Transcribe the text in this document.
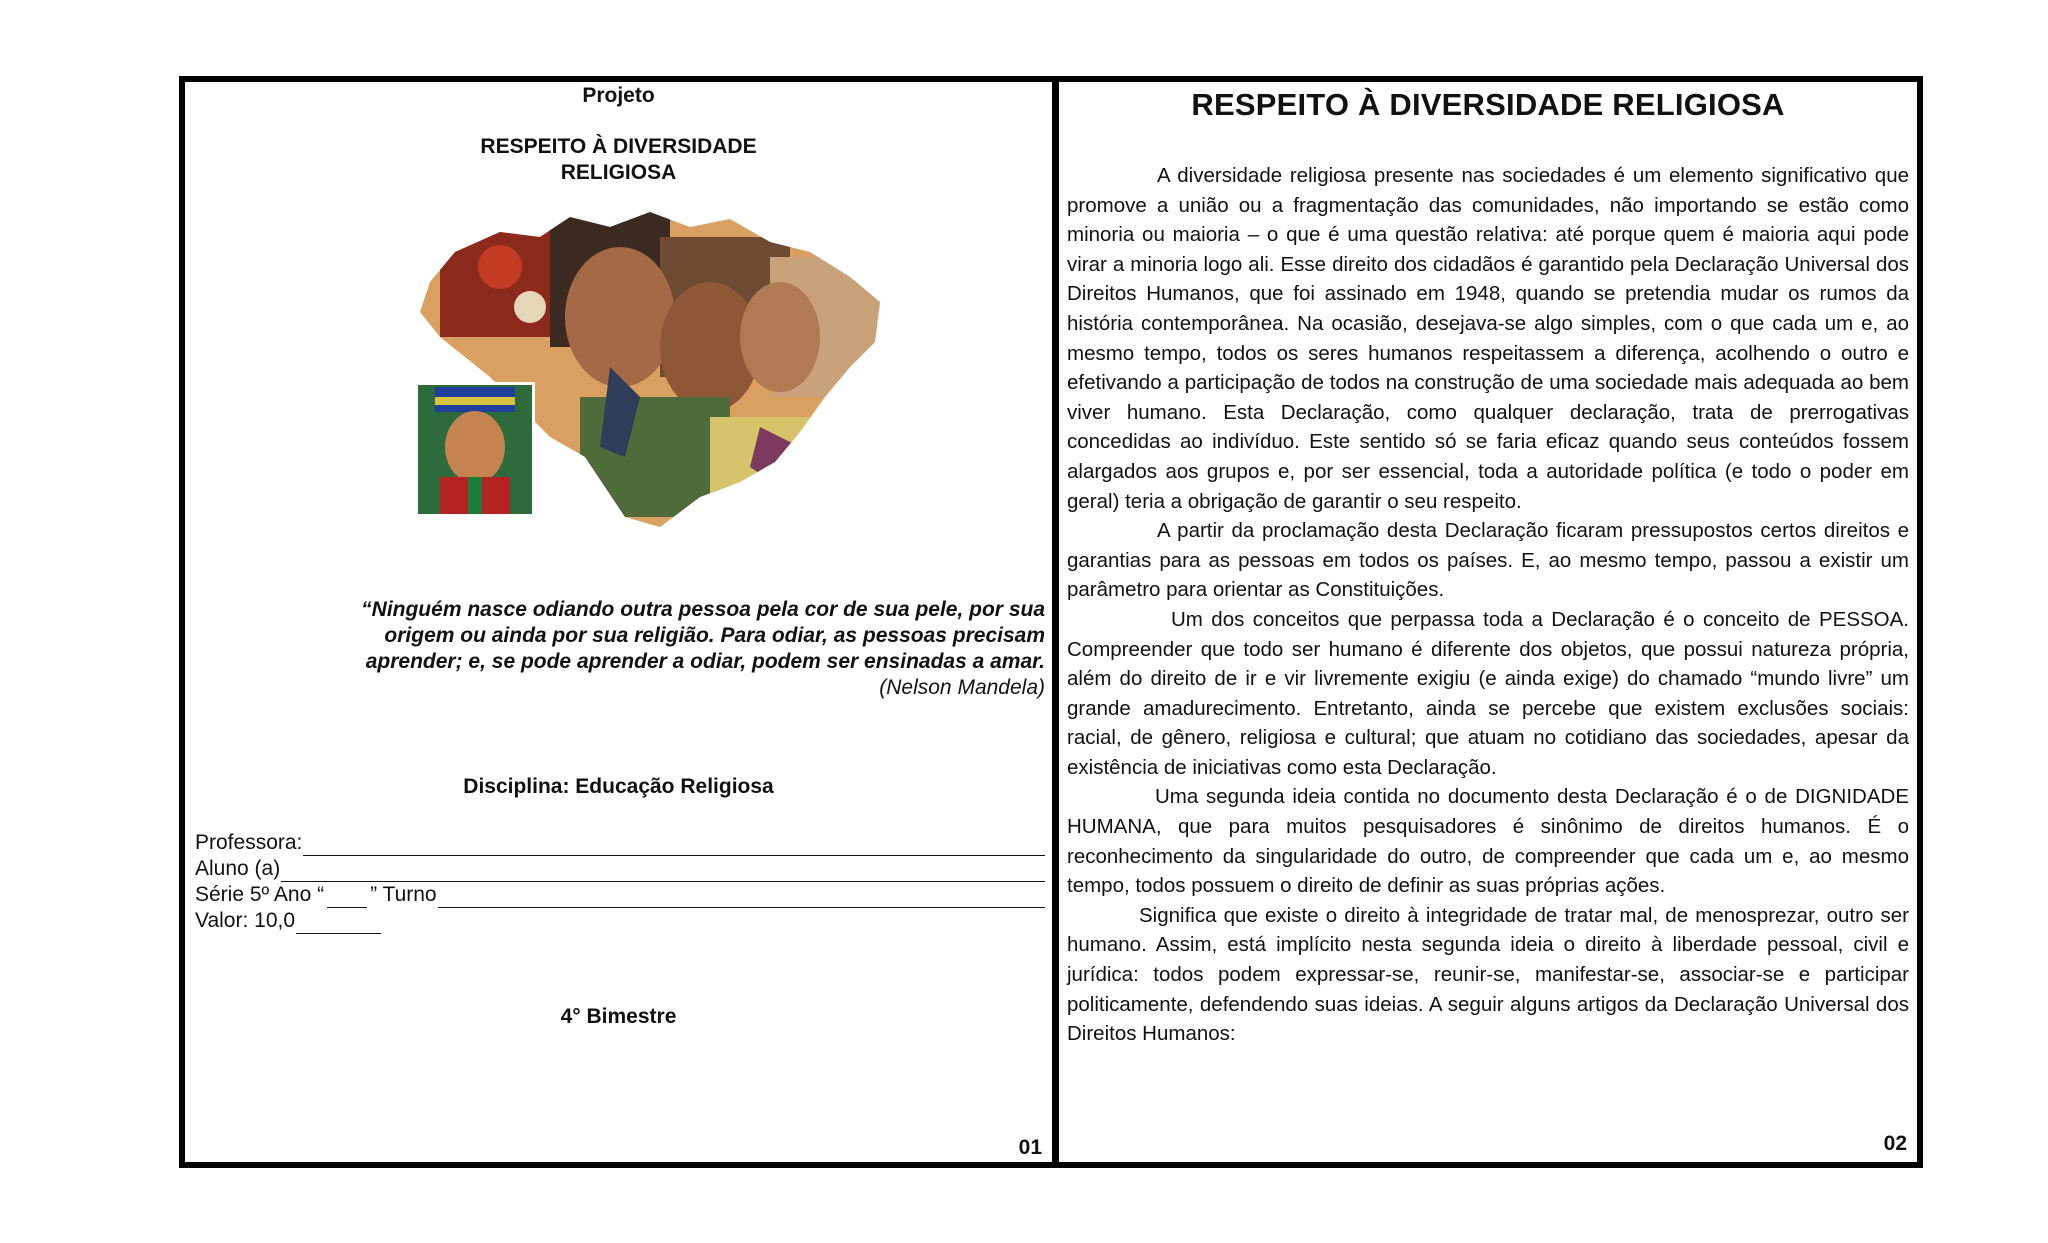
Projeto
RESPEITO À DIVERSIDADE
RELIGIOSA
“Ninguém nasce odiando outra pessoa pela cor de sua pele, por sua origem ou ainda por sua religião. Para odiar, as pessoas precisam aprender; e, se pode aprender a odiar, podem ser ensinadas a amar.
(Nelson Mandela)
Disciplina: Educação Religiosa
Professora:
Aluno (a)
Série 5º Ano “ ” Turno
Valor: 10,0
4° Bimestre
01
RESPEITO À DIVERSIDADE RELIGIOSA

A diversidade religiosa presente nas sociedades é um elemento significativo que promove a união ou a fragmentação das comunidades, não importando se estão como minoria ou maioria – o que é uma questão relativa: até porque quem é maioria aqui pode virar a minoria logo ali. Esse direito dos cidadãos é garantido pela Declaração Universal dos Direitos Humanos, que foi assinado em 1948, quando se pretendia mudar os rumos da história contemporânea. Na ocasião, desejava-se algo simples, com o que cada um e, ao mesmo tempo, todos os seres humanos respeitassem a diferença, acolhendo o outro e efetivando a participação de todos na construção de uma sociedade mais adequada ao bem viver humano. Esta Declaração, como qualquer declaração, trata de prerrogativas concedidas ao indivíduo. Este sentido só se faria eficaz quando seus conteúdos fossem alargados aos grupos e, por ser essencial, toda a autoridade política (e todo o poder em geral) teria a obrigação de garantir o seu respeito.

A partir da proclamação desta Declaração ficaram pressupostos certos direitos e garantias para as pessoas em todos os países. E, ao mesmo tempo, passou a existir um parâmetro para orientar as Constituições.

Um dos conceitos que perpassa toda a Declaração é o conceito de PESSOA. Compreender que todo ser humano é diferente dos objetos, que possui natureza própria, além do direito de ir e vir livremente exigiu (e ainda exige) do chamado “mundo livre” um grande amadurecimento. Entretanto, ainda se percebe que existem exclusões sociais: racial, de gênero, religiosa e cultural; que atuam no cotidiano das sociedades, apesar da existência de iniciativas como esta Declaração.

Uma segunda ideia contida no documento desta Declaração é o de DIGNIDADE HUMANA, que para muitos pesquisadores é sinônimo de direitos humanos. É o reconhecimento da singularidade do outro, de compreender que cada um e, ao mesmo tempo, todos possuem o direito de definir as suas próprias ações.

Significa que existe o direito à integridade de tratar mal, de menosprezar, outro ser humano. Assim, está implícito nesta segunda ideia o direito à liberdade pessoal, civil e jurídica: todos podem expressar-se, reunir-se, manifestar-se, associar-se e participar politicamente, defendendo suas ideias. A seguir alguns artigos da Declaração Universal dos Direitos Humanos:

02
